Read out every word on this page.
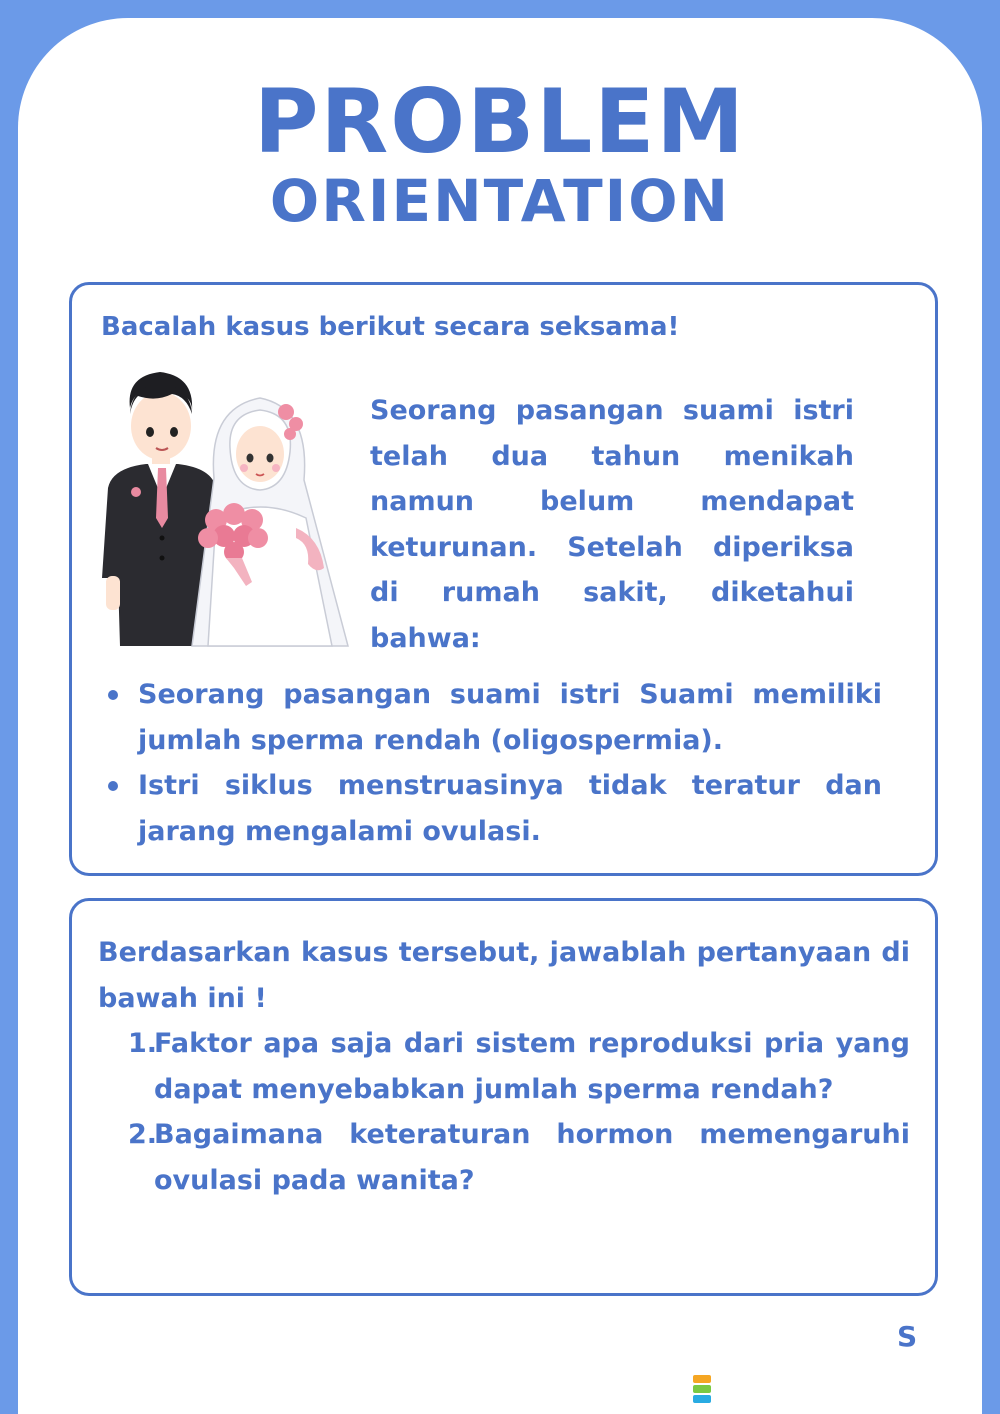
PROBLEM
ORIENTATION
Bacalah kasus berikut secara seksama!
Seorang pasangan suami istri
telah dua tahun menikah
namun belum mendapat
keturunan. Setelah diperiksa
di rumah sakit, diketahui
bahwa:
Seorang pasangan suami istri Suami memiliki jumlah sperma rendah (oligospermia).
Istri siklus menstruasinya tidak teratur dan jarang mengalami ovulasi.
Berdasarkan kasus tersebut, jawablah pertanyaan di bawah ini !
1.
Faktor apa saja dari sistem reproduksi pria yang dapat menyebabkan jumlah sperma rendah?
2.
Bagaimana keteraturan hormon memengaruhi ovulasi pada wanita?
S
LIVEWORKSHEETS
